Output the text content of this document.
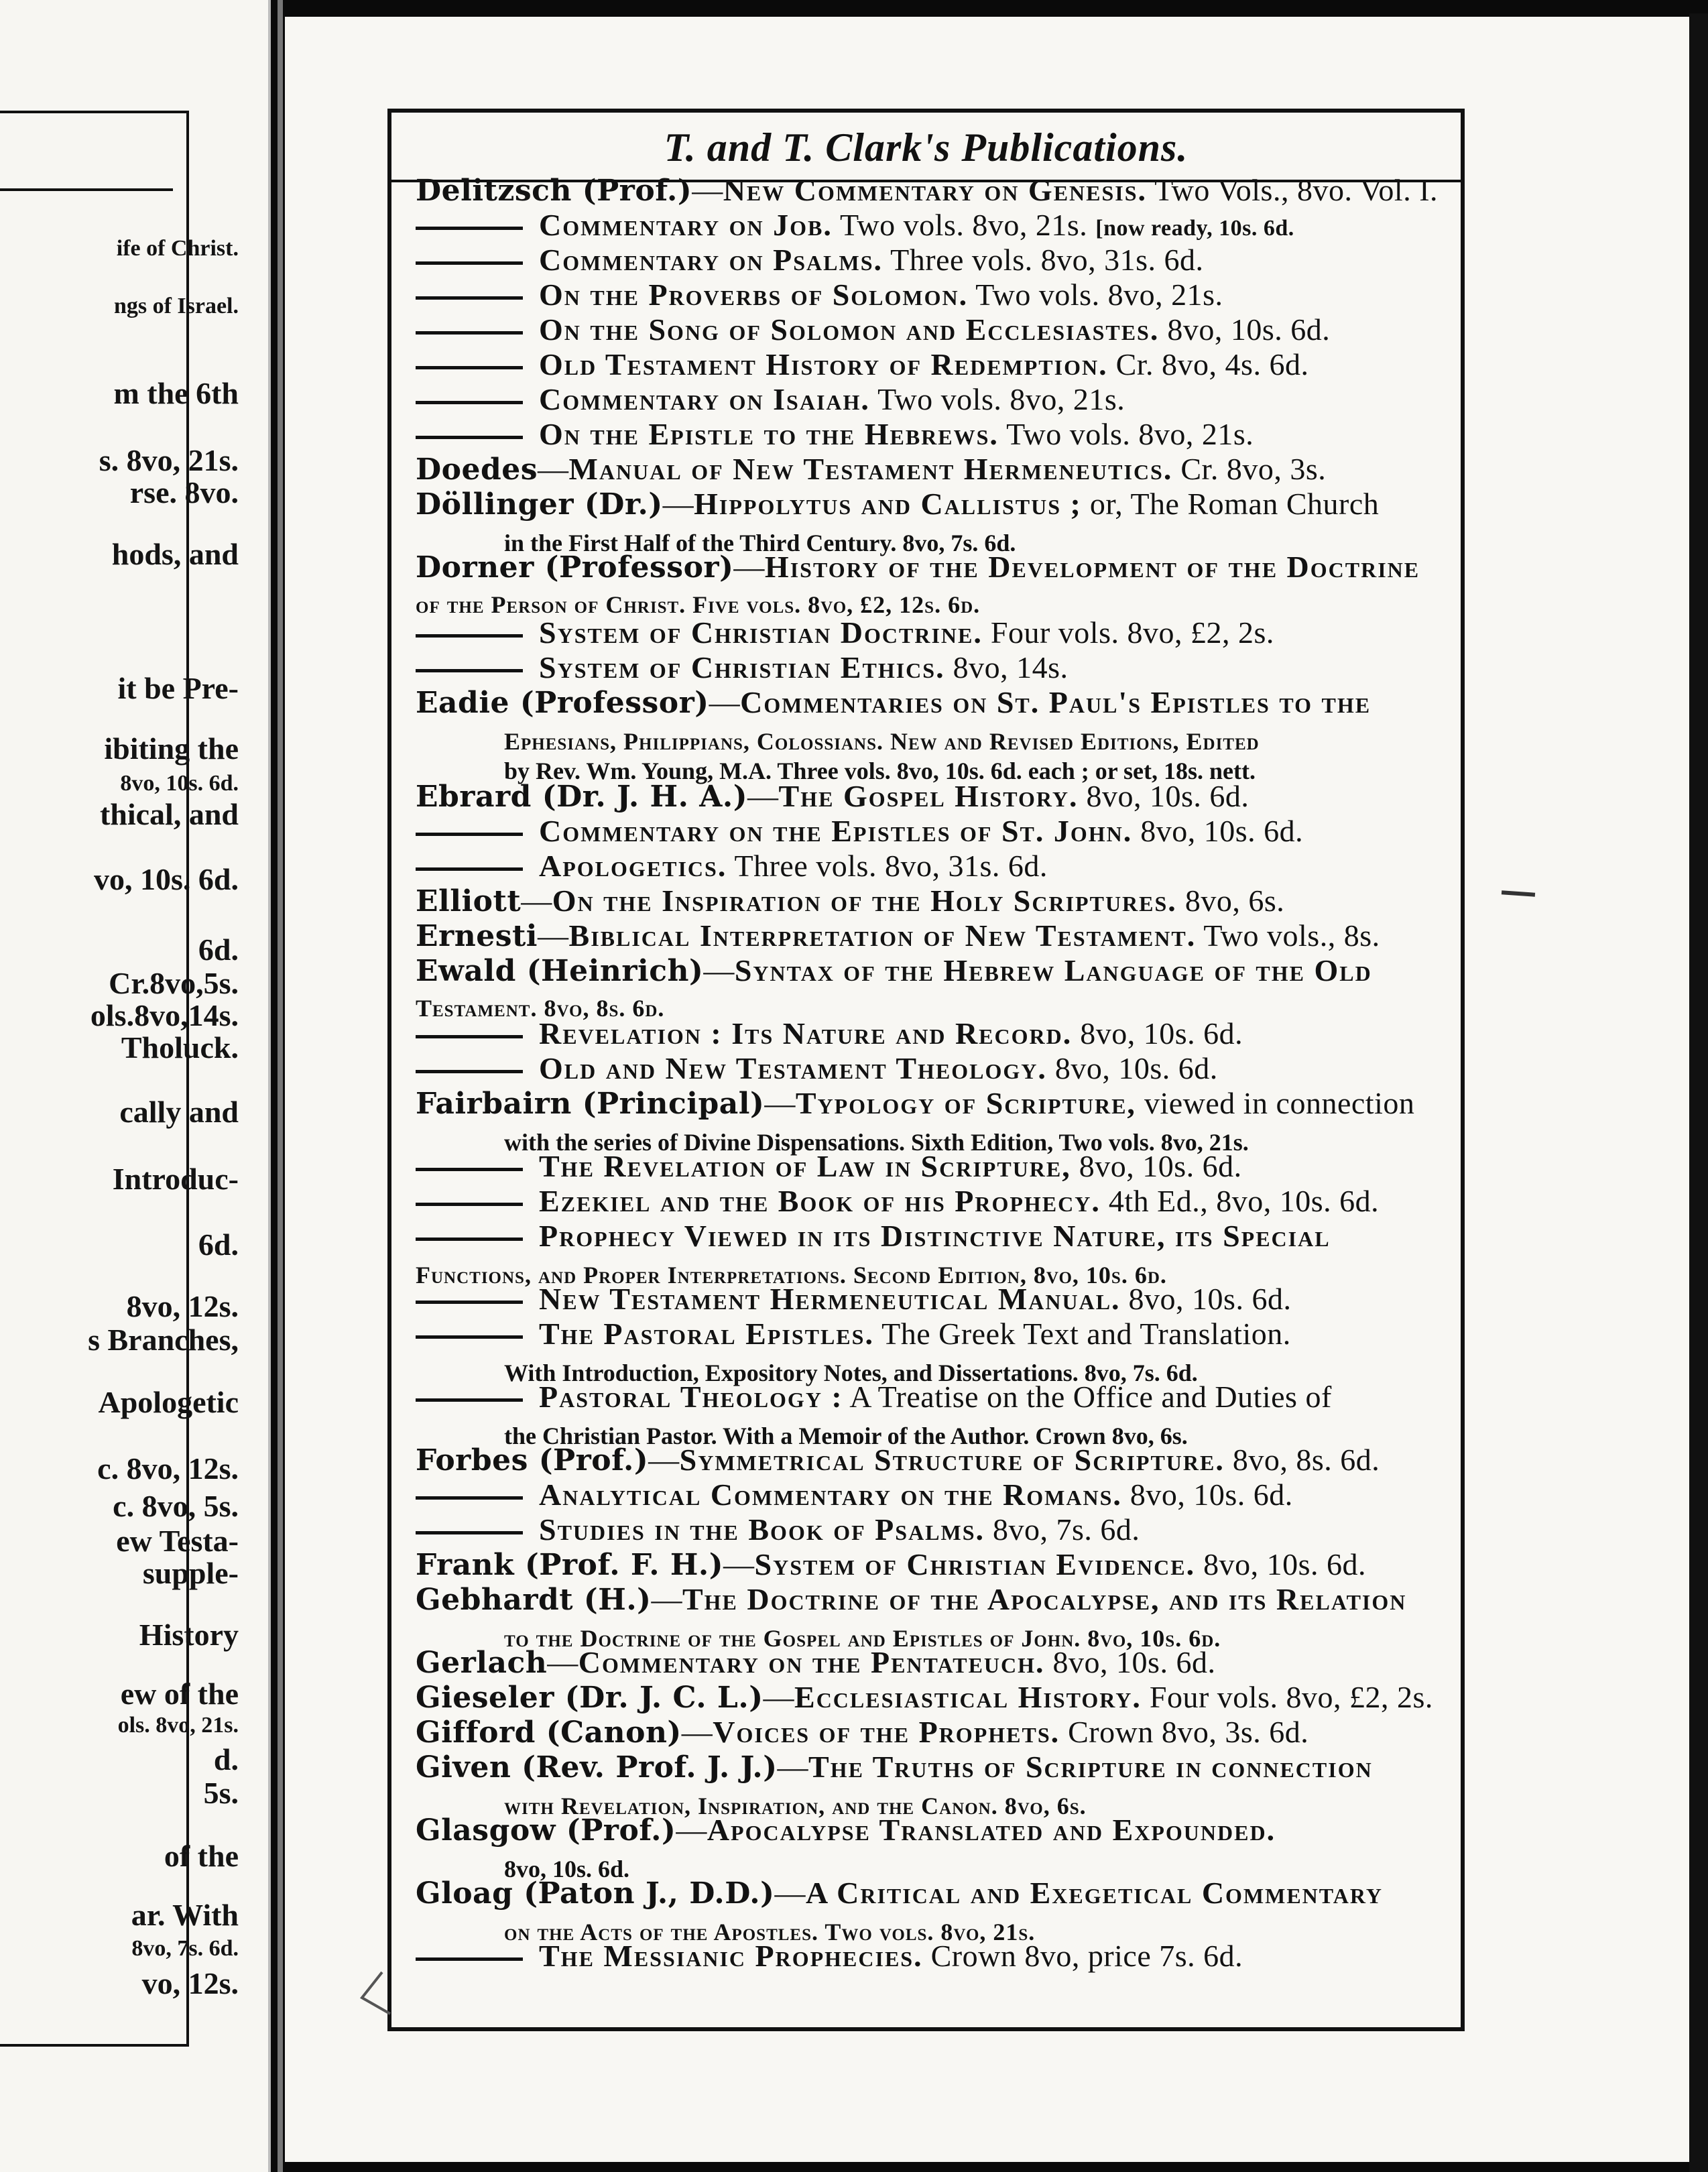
ife of Christ.
ngs of Israel.
m the 6th
s. 8vo, 21s.
rse. 8vo.
hods, and
it be Pre-
ibiting the
8vo, 10s. 6d.
thical, and
vo, 10s. 6d.
6d.
Cr.8vo,5s.
ols.8vo,14s.
Tholuck.
cally and
Introduc-
6d.
8vo, 12s.
s Branches,
Apologetic
c. 8vo, 12s.
c. 8vo, 5s.
ew Testa-
supple-
History
ew of the
ols. 8vo, 21s.
d.
5s.
of the
ar. With
8vo, 7s. 6d.
vo, 12s.
T. and T. Clark's Publications.
Delitzsch (Prof.)—New Commentary on Genesis. Two Vols., 8vo. Vol. I.
Commentary on Job. Two vols. 8vo, 21s. [now ready, 10s. 6d.
Commentary on Psalms. Three vols. 8vo, 31s. 6d.
On the Proverbs of Solomon. Two vols. 8vo, 21s.
On the Song of Solomon and Ecclesiastes. 8vo, 10s. 6d.
Old Testament History of Redemption. Cr. 8vo, 4s. 6d.
Commentary on Isaiah. Two vols. 8vo, 21s.
On the Epistle to the Hebrews. Two vols. 8vo, 21s.
Doedes—Manual of New Testament Hermeneutics. Cr. 8vo, 3s.
Döllinger (Dr.)—Hippolytus and Callistus ; or, The Roman Church
Dorner (Professor)—History of the Development of the Doctrine
System of Christian Doctrine. Four vols. 8vo, £2, 2s.
System of Christian Ethics. 8vo, 14s.
Eadie (Professor)—Commentaries on St. Paul's Epistles to the
Ebrard (Dr. J. H. A.)—The Gospel History. 8vo, 10s. 6d.
Commentary on the Epistles of St. John. 8vo, 10s. 6d.
Apologetics. Three vols. 8vo, 31s. 6d.
Elliott—On the Inspiration of the Holy Scriptures. 8vo, 6s.
Ernesti—Biblical Interpretation of New Testament. Two vols., 8s.
Ewald (Heinrich)—Syntax of the Hebrew Language of the Old
Revelation : Its Nature and Record. 8vo, 10s. 6d.
Old and New Testament Theology. 8vo, 10s. 6d.
Fairbairn (Principal)—Typology of Scripture, viewed in connection
The Revelation of Law in Scripture, 8vo, 10s. 6d.
Ezekiel and the Book of his Prophecy. 4th Ed., 8vo, 10s. 6d.
Prophecy Viewed in its Distinctive Nature, its Special
New Testament Hermeneutical Manual. 8vo, 10s. 6d.
The Pastoral Epistles. The Greek Text and Translation.
Pastoral Theology : A Treatise on the Office and Duties of
Forbes (Prof.)—Symmetrical Structure of Scripture. 8vo, 8s. 6d.
Analytical Commentary on the Romans. 8vo, 10s. 6d.
Studies in the Book of Psalms. 8vo, 7s. 6d.
Frank (Prof. F. H.)—System of Christian Evidence. 8vo, 10s. 6d.
Gebhardt (H.)—The Doctrine of the Apocalypse, and its Relation
Gerlach—Commentary on the Pentateuch. 8vo, 10s. 6d.
Gieseler (Dr. J. C. L.)—Ecclesiastical History. Four vols. 8vo, £2, 2s.
Gifford (Canon)—Voices of the Prophets. Crown 8vo, 3s. 6d.
Given (Rev. Prof. J. J.)—The Truths of Scripture in connection
Glasgow (Prof.)—Apocalypse Translated and Expounded.
Gloag (Paton J., D.D.)—A Critical and Exegetical Commentary
The Messianic Prophecies. Crown 8vo, price 7s. 6d.
in the First Half of the Third Century. 8vo, 7s. 6d.
of the Person of Christ. Five vols. 8vo, £2, 12s. 6d.
Ephesians, Philippians, Colossians. New and Revised Editions, Edited
by Rev. Wm. Young, M.A. Three vols. 8vo, 10s. 6d. each ; or set, 18s. nett.
Testament. 8vo, 8s. 6d.
with the series of Divine Dispensations. Sixth Edition, Two vols. 8vo, 21s.
Functions, and Proper Interpretations. Second Edition, 8vo, 10s. 6d.
With Introduction, Expository Notes, and Dissertations. 8vo, 7s. 6d.
the Christian Pastor. With a Memoir of the Author. Crown 8vo, 6s.
to the Doctrine of the Gospel and Epistles of John. 8vo, 10s. 6d.
with Revelation, Inspiration, and the Canon. 8vo, 6s.
8vo, 10s. 6d.
on the Acts of the Apostles. Two vols. 8vo, 21s.
